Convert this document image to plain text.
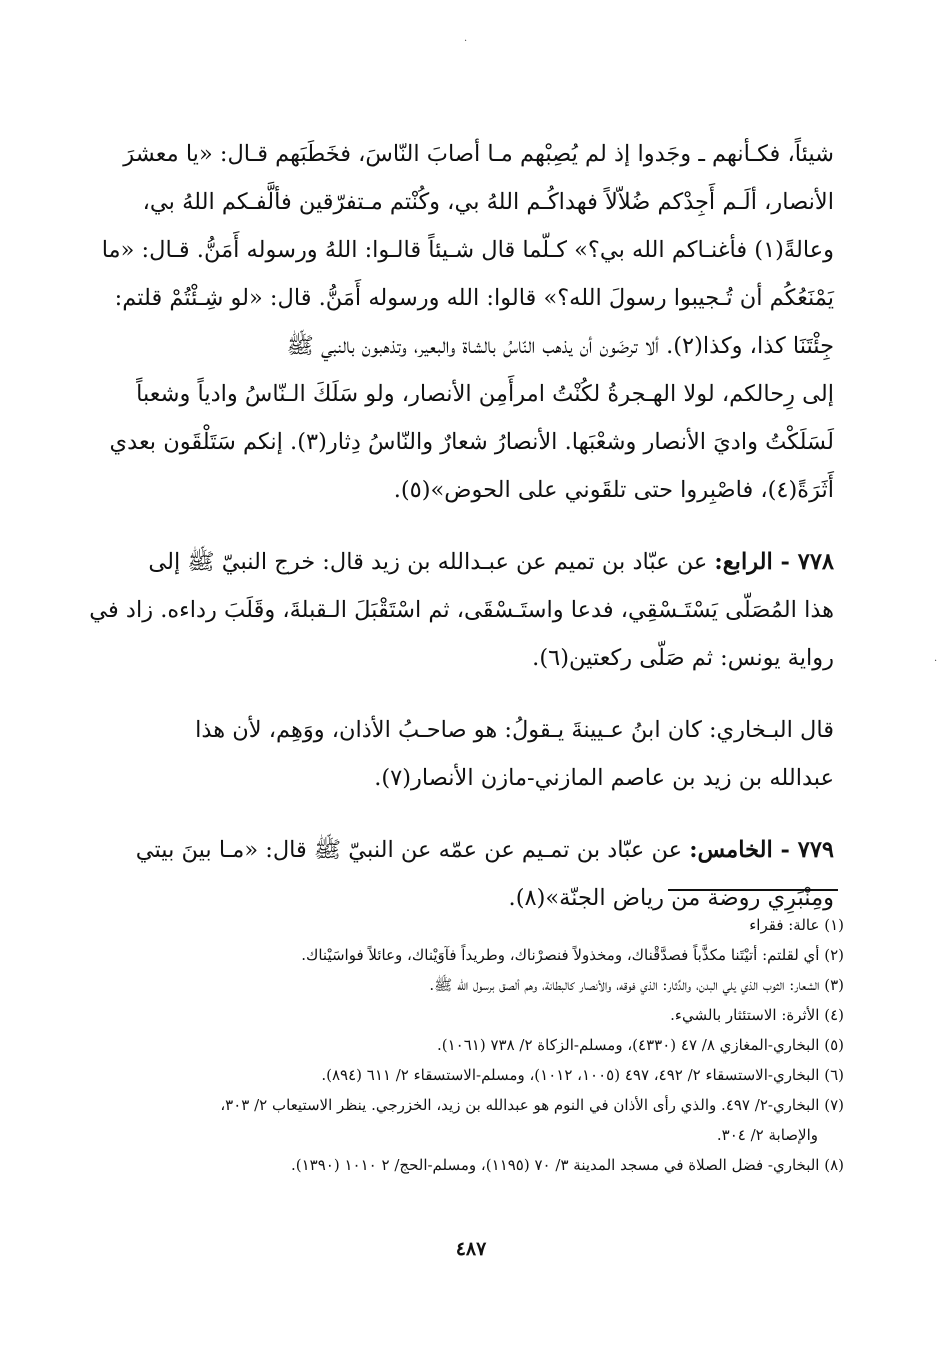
·
·

شيئاً، فكـأنهم ـ وجَدوا إذ لم يُصِبْهم مـا أصابَ النّاسَ، فخَطَبَهم قـال: «يا معشرَ
الأنصار، ألَـم أَجِدْكم ضُلاّلاً فهداكُـم اللهُ بي، وكُنْتم مـتفرّقين فألَّفـكم اللهُ بي،
وعالةً(١) فأغنـاكم الله بي؟» كـلّما قال شـيئاً قالـوا: اللهُ ورسوله أَمَنُّ. قـال: «ما
يَمْنَعُكُم أن تُـجيبوا رسولَ الله؟» قالوا: الله ورسوله أَمَنُّ. قال: «لو شِـئْتُمْ قلتم:
جِئْتَنَا كذا، وكذا(٢). ألا ترضَون أن يذهب النّاسُ بالشاة والبعير، وتذهبون بالنبي ﷺ
إلى رِحالكم، لولا الهـجرةُ لكُنْتُ امرأَمِن الأنصار، ولو سَلَكَ الـنّاسُ وادياً وشعباً
لَسَلَكْتُ واديَ الأنصار وشعْبَها. الأنصارُ شعارٌ والنّاسُ دِثار(٣). إنكم سَتَلْقَون بعدي
أَثَرَةً(٤)، فاصْبِروا حتى تلقَوني على الحوض»(٥).

٧٧٨ - الرابع: عن عبّاد بن تميم عن عبـدالله بن زيد قال: خرج النبيّ ﷺ إلى
هذا المُصَلّى يَسْتَـسْقِي، فدعا واستَـسْقَى، ثم اسْتَقْبَلَ الـقبلةَ، وقَلَبَ رداءه. زاد في
رواية يونس: ثم صَلّى ركعتين(٦).

قال البـخاري: كان ابنُ عـيينةَ يـقولُ: هو صاحـبُ الأذان، ووَهِم، لأن هذا
عبدالله بن زيد بن عاصم المازني-مازن الأنصار(٧).

٧٧٩ - الخامس: عن عبّاد بن تمـيم عن عمّه عن النبيّ ﷺ قال: «مـا بينَ بيتي
ومِنْبَرِي روضة من رياض الجنّة»(٨).

(١) عالة: فقراء
(٢) أي لقلتم: أتيْتَنا مكذَّباً فصدَّقْناك، ومخذولاً فنصرْناك، وطريداً فآوَيْناك، وعائلاً فواسَيْناك.
(٣) الشعار: الثوب الذي يلي البدن، والدِّثار: الذي فوقه، والأنصار كالبطانة، وهم ألصق برسول الله ﷺ.
(٤) الأثرة: الاستئثار بالشيء.
(٥) البخاري-المغازي ٨/ ٤٧ (٤٣٣٠)، ومسلم-الزكاة ٢/ ٧٣٨ (١٠٦١).
(٦) البخاري-الاستسقاء ٢/ ٤٩٢، ٤٩٧ (١٠٠٥، ١٠١٢)، ومسلم-الاستسقاء ٢/ ٦١١ (٨٩٤).
(٧) البخاري-٢/ ٤٩٧. والذي رأى الأذان في النوم هو عبدالله بن زيد، الخزرجي. ينظر الاستيعاب ٢/ ٣٠٣،
والإصابة ٢/ ٣٠٤.
(٨) البخاري- فضل الصلاة في مسجد المدينة ٣/ ٧٠ (١١٩٥)، ومسلم-الحج/ ٢ ١٠١٠ (١٣٩٠).
٤٨٧
